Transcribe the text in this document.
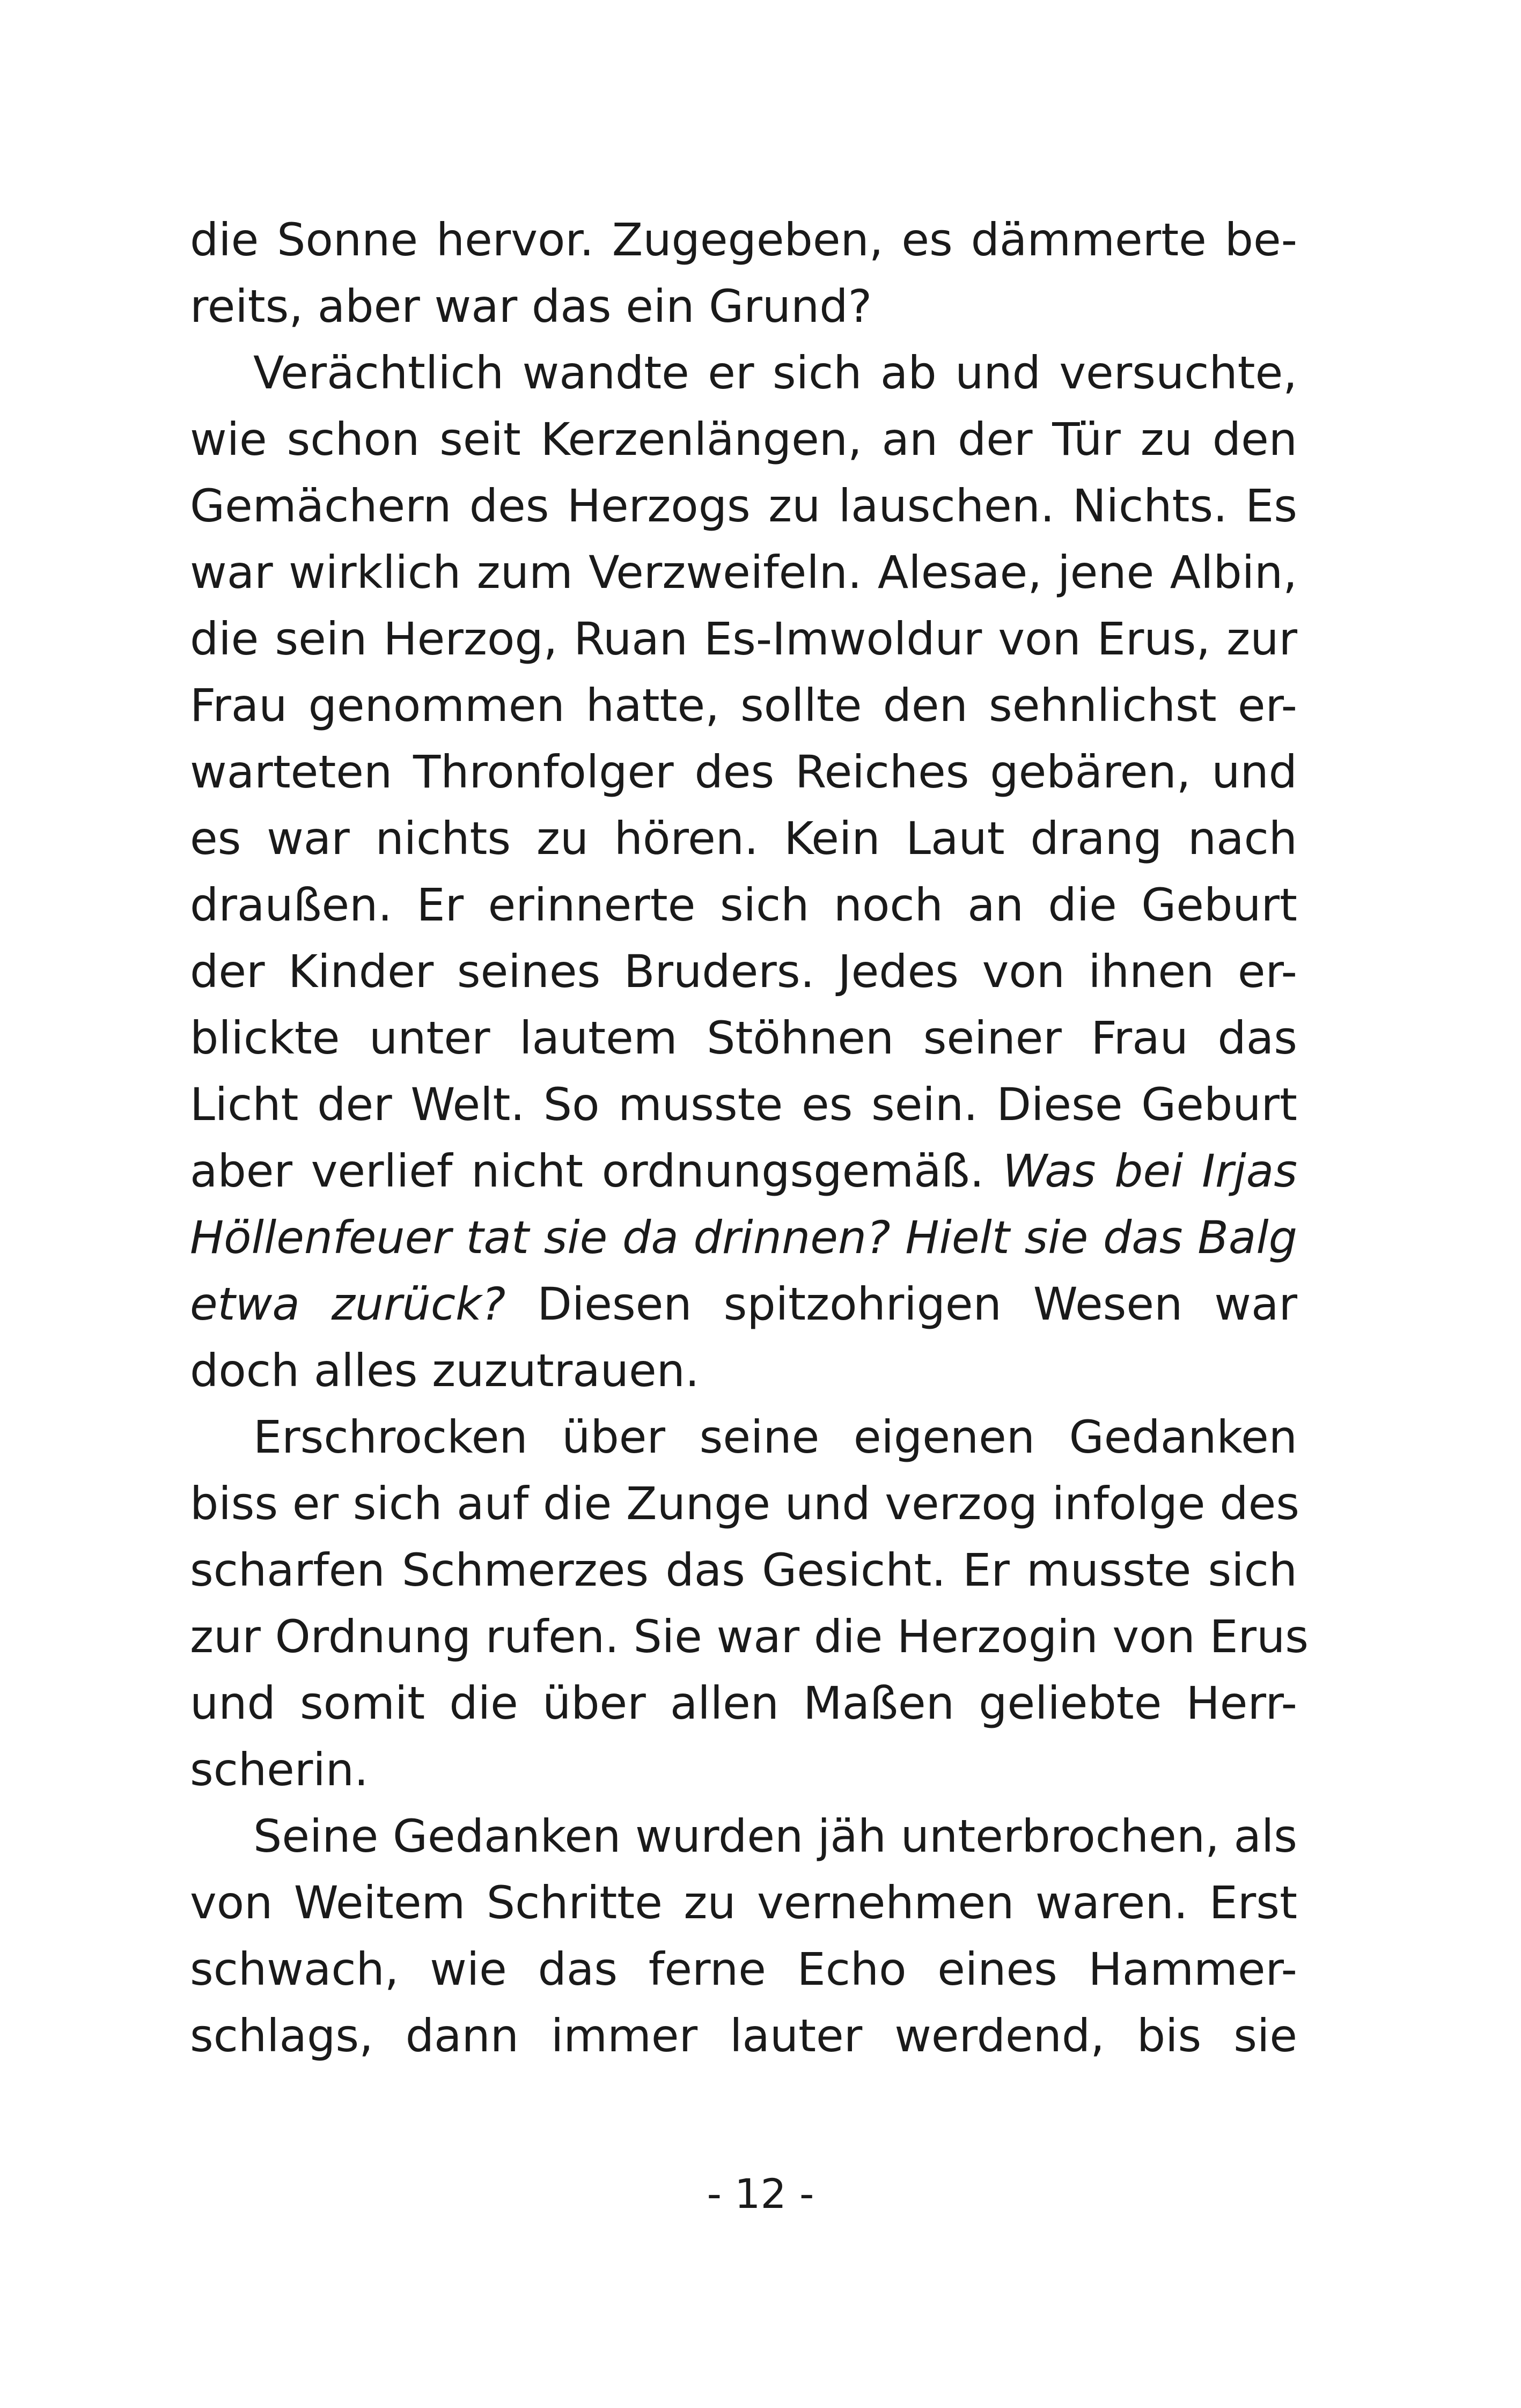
die Sonne hervor. Zugegeben, es dämmerte be-
reits, aber war das ein Grund?
Verächtlich wandte er sich ab und versuchte,
wie schon seit Kerzenlängen, an der Tür zu den
Gemächern des Herzogs zu lauschen. Nichts. Es
war wirklich zum Verzweifeln. Alesae, jene Albin,
die sein Herzog, Ruan Es-Imwoldur von Erus, zur
Frau genommen hatte, sollte den sehnlichst er-
warteten Thronfolger des Reiches gebären, und
es war nichts zu hören. Kein Laut drang nach
draußen. Er erinnerte sich noch an die Geburt
der Kinder seines Bruders. Jedes von ihnen er-
blickte unter lautem Stöhnen seiner Frau das
Licht der Welt. So musste es sein. Diese Geburt
aber verlief nicht ordnungsgemäß. Was bei Irjas
Höllenfeuer tat sie da drinnen? Hielt sie das Balg
etwa zurück? Diesen spitzohrigen Wesen war
doch alles zuzutrauen.
Erschrocken über seine eigenen Gedanken
biss er sich auf die Zunge und verzog infolge des
scharfen Schmerzes das Gesicht. Er musste sich
zur Ordnung rufen. Sie war die Herzogin von Erus
und somit die über allen Maßen geliebte Herr-
scherin.
Seine Gedanken wurden jäh unterbrochen, als
von Weitem Schritte zu vernehmen waren. Erst
schwach, wie das ferne Echo eines Hammer-
schlags, dann immer lauter werdend, bis sie
- 12 -
